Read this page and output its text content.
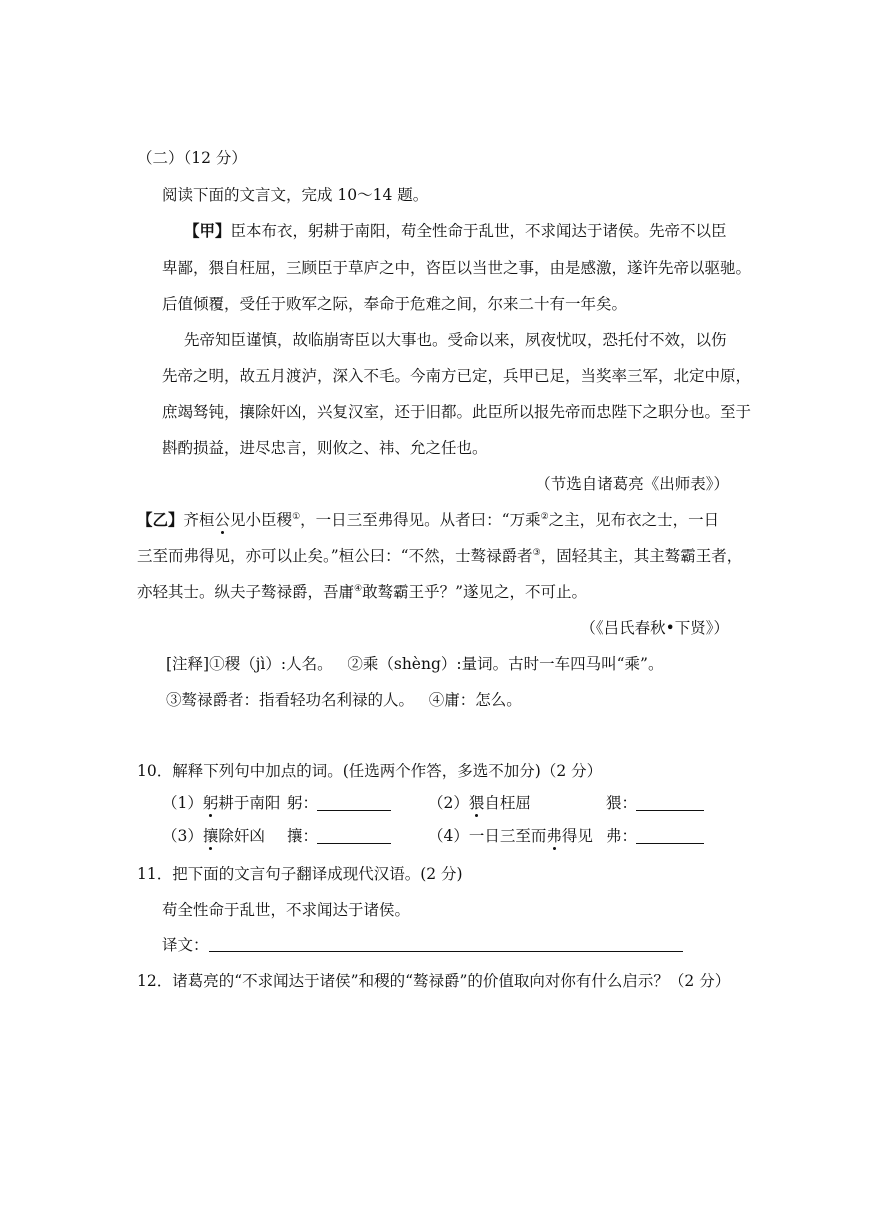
（二）（12 分）
阅读下面的文言文，完成 10～14 题。
【甲】臣本布衣，躬耕于南阳，苟全性命于乱世，不求闻达于诸侯。先帝不以臣
卑鄙，猥自枉屈，三顾臣于草庐之中，咨臣以当世之事，由是感激，遂许先帝以驱驰。
后值倾覆，受任于败军之际，奉命于危难之间，尔来二十有一年矣。
先帝知臣谨慎，故临崩寄臣以大事也。受命以来，夙夜忧叹，恐托付不效，以伤
先帝之明，故五月渡泸，深入不毛。今南方已定，兵甲已足，当奖率三军，北定中原，
庶竭驽钝，攘除奸凶，兴复汉室，还于旧都。此臣所以报先帝而忠陛下之职分也。至于
斟酌损益，进尽忠言，则攸之、祎、允之任也。
（节选自诸葛亮《出师表》）
【乙】齐桓公见小臣稷①，一日三至弗得见。从者曰：“万乘②之主，见布衣之士，一日
三至而弗得见，亦可以止矣。”桓公曰：“不然，士骜禄爵者③，固轻其主，其主骜霸王者，
亦轻其士。纵夫子骜禄爵，吾庸④敢骜霸王乎？”遂见之，不可止。
（《吕氏春秋•下贤》）
[注释]①稷（jì）:人名。   ②乘（shèng）:量词。古时一车四马叫“乘”。
③骜禄爵者：指看轻功名利禄的人。   ④庸：怎么。
10．解释下列句中加点的词。(任选两个作答，多选不加分)（2 分）
（1）躬耕于南阳 躬：	（2）猥自枉屈	猥：
（3）攘除奸凶 攘：	（4）一日三至而弗得见 弗：
11．把下面的文言句子翻译成现代汉语。(2 分)
苟全性命于乱世，不求闻达于诸侯。
译文：
12．诸葛亮的“不求闻达于诸侯”和稷的“骜禄爵”的价值取向对你有什么启示？（2 分）
